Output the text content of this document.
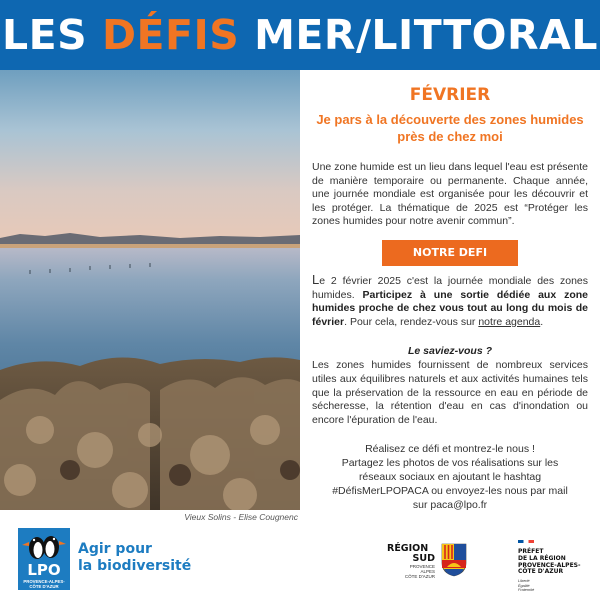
LES DÉFIS MER/LITTORAL
Vieux Solins - Elise Cougnenc
FÉVRIER
Je pars à la découverte des zones humides près de chez moi
Une zone humide est un lieu dans lequel l'eau est présente de manière temporaire ou permanente. Chaque année, une journée mondiale est organisée pour les découvrir et les protéger. La thématique de 2025 est “Protéger les zones humides pour notre avenir commun”.
NOTRE DEFI
Le 2 février 2025 c'est la journée mondiale des zones humides. Participez à une sortie dédiée aux zone humides proche de chez vous tout au long du mois de février. Pour cela, rendez-vous sur notre agenda.
Le saviez-vous ?
Les zones humides fournissent de nombreux services utiles aux équilibres naturels et aux activités humaines tels que la préservation de la ressource en eau en période de sécheresse, la rétention d'eau en cas d'inondation ou encore l'épuration de l'eau.
Réalisez ce défi et montrez-le nous !
Partagez les photos de vos réalisations sur les
réseaux sociaux en ajoutant le hashtag
#DéfisMerLPOPACA ou envoyez-les nous par mail
sur paca@lpo.fr
LPO
PROVENCE-ALPES-
CÔTE D'AZUR
Agir pour
la biodiversité
RÉGION
SUD
PROVENCE
ALPES
CÔTE D'AZUR
PRÉFET
DE LA RÉGION
PROVENCE-ALPES-
CÔTE D'AZUR
Liberté
Égalité
Fraternité
